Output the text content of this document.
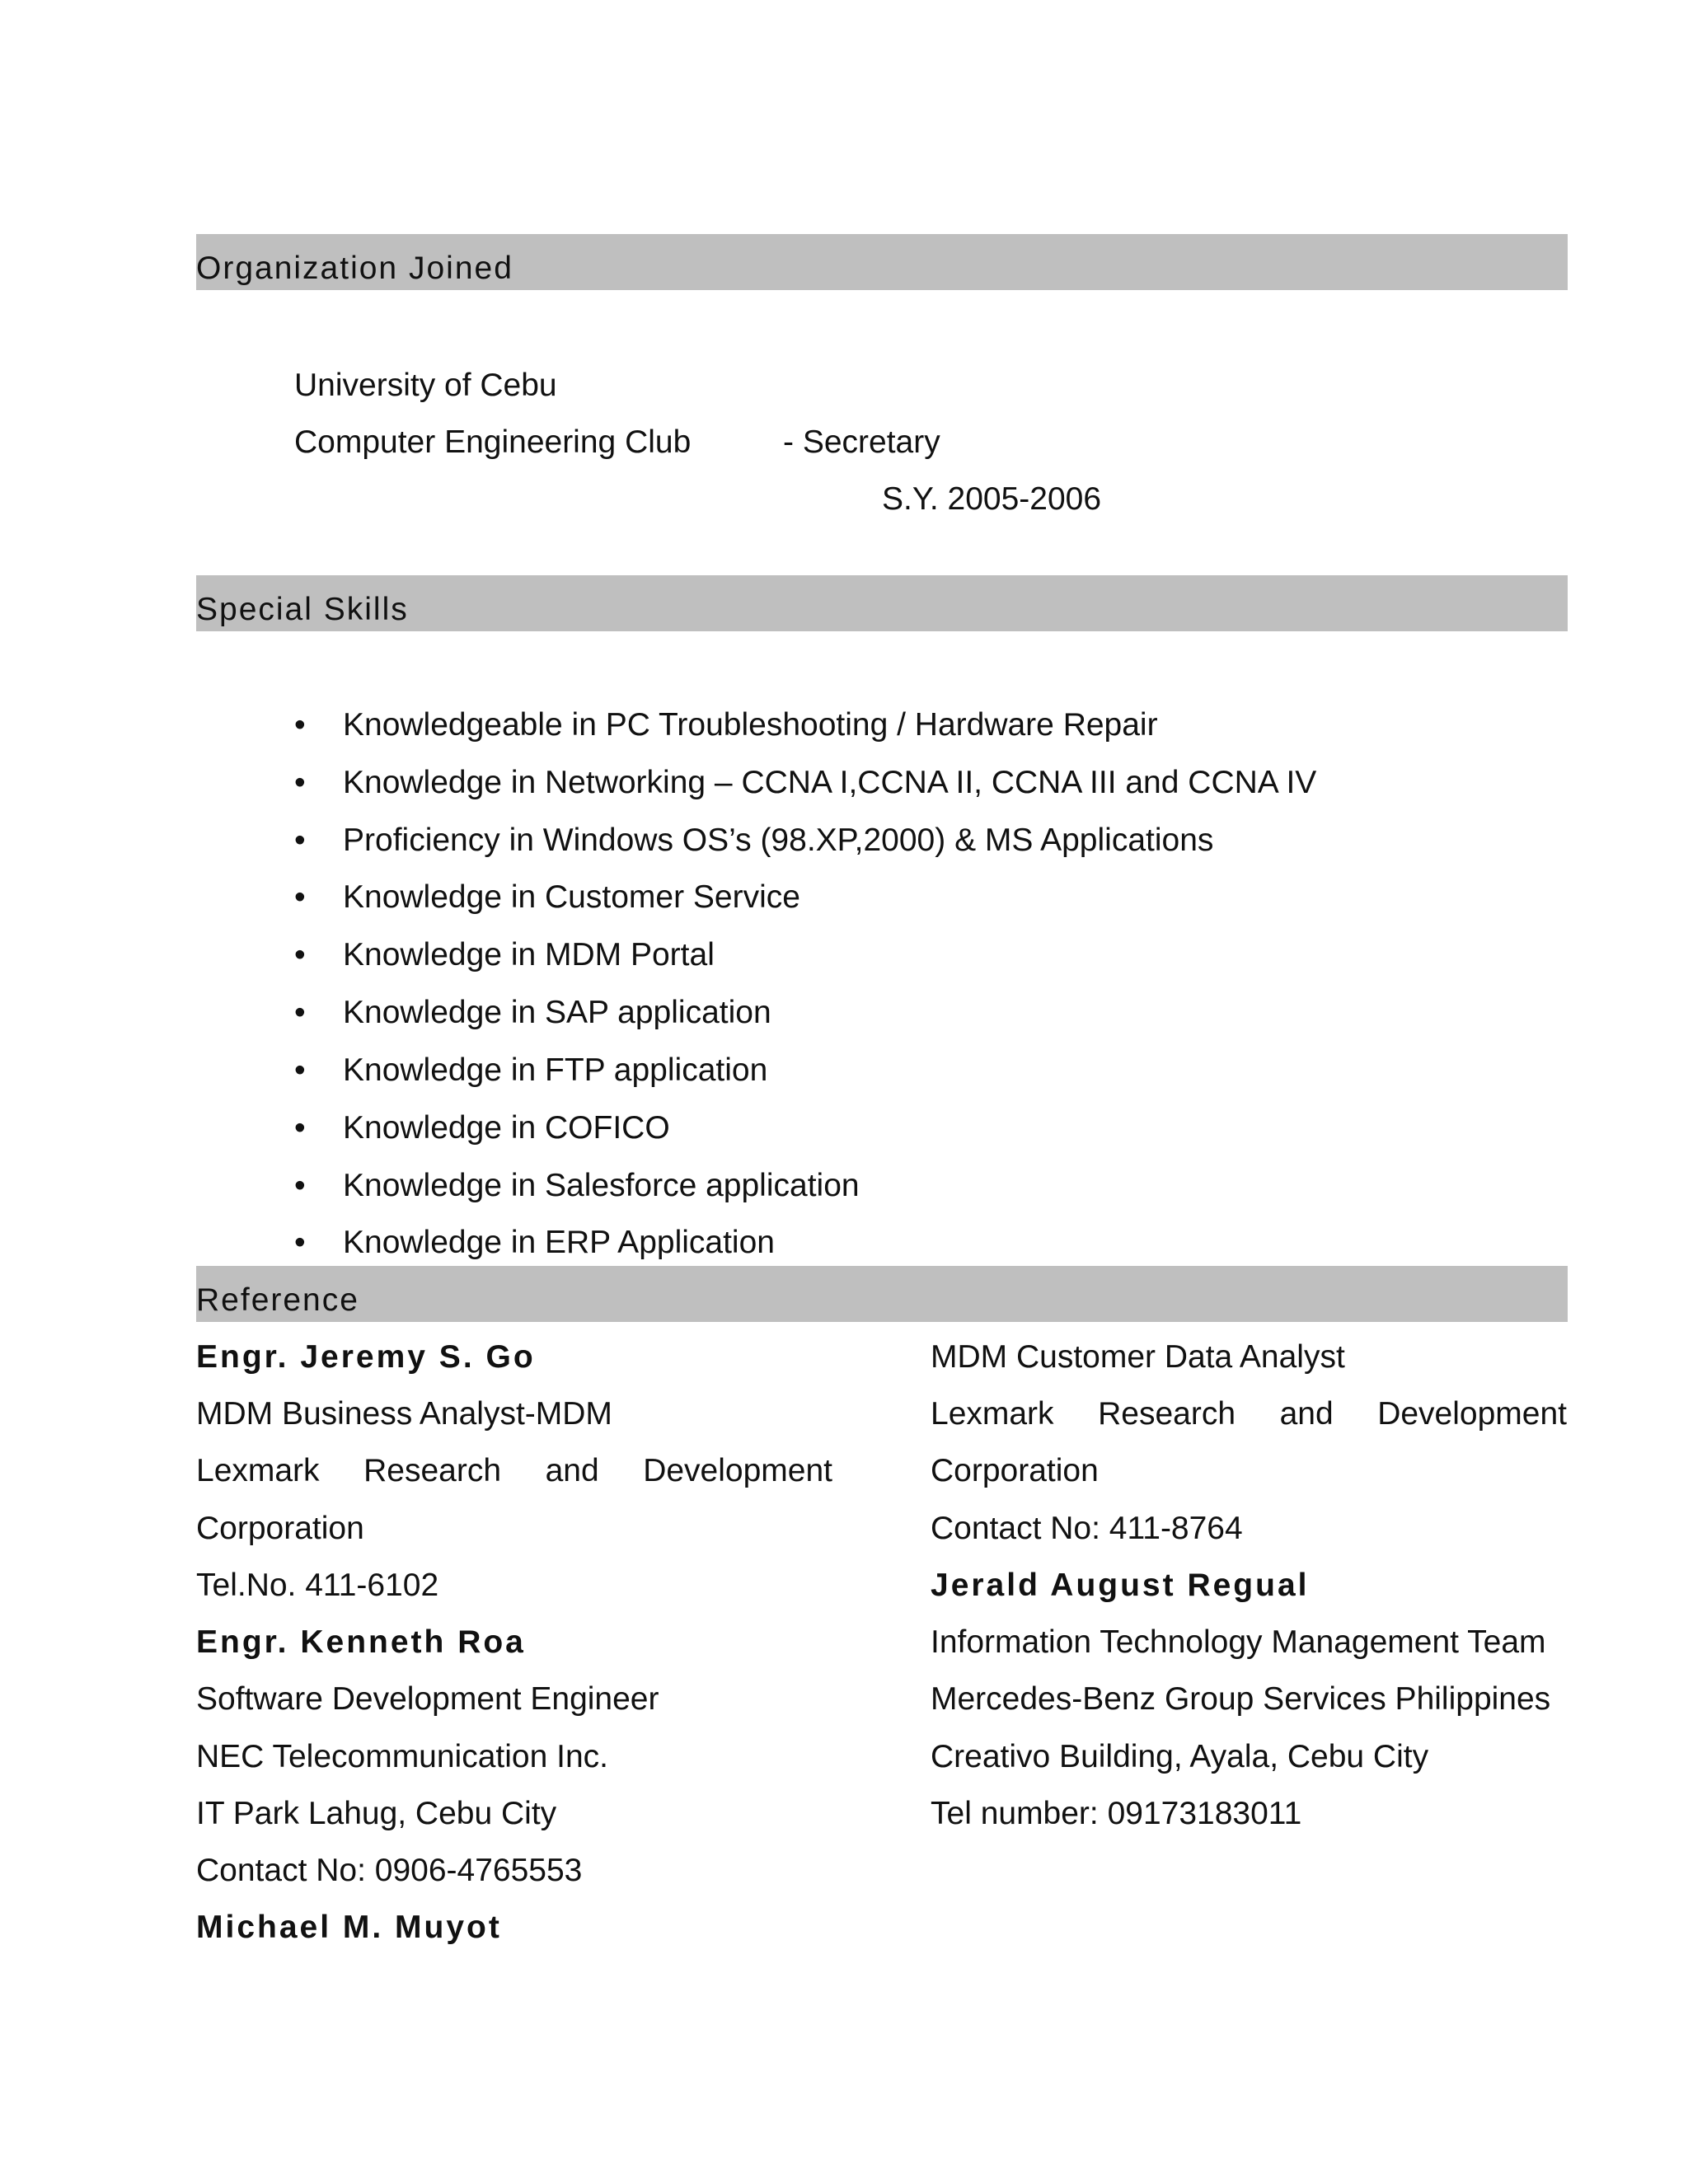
Organization Joined
University of Cebu
Computer Engineering Club	- Secretary
S.Y. 2005-2006
Special Skills
• Knowledgeable in PC Troubleshooting / Hardware Repair
• Knowledge in Networking – CCNA I,CCNA II, CCNA III and CCNA IV
• Proficiency in Windows OS’s (98.XP,2000) & MS Applications
• Knowledge in Customer Service
• Knowledge in MDM Portal
• Knowledge in SAP application
• Knowledge in FTP application
• Knowledge in COFICO
• Knowledge in Salesforce application
• Knowledge in ERP Application
Reference
Engr. Jeremy S. Go
MDM Business Analyst-MDM
Lexmark Research and Development
Corporation
Tel.No. 411-6102
Engr. Kenneth Roa
Software Development Engineer
NEC Telecommunication Inc.
IT Park Lahug, Cebu City
Contact No: 0906-4765553
Michael M. Muyot
MDM Customer Data Analyst
Lexmark Research and Development
Corporation
Contact No: 411-8764
Jerald August Regual
Information Technology Management Team
Mercedes-Benz Group Services Philippines
Creativo Building, Ayala, Cebu City
Tel number: 09173183011
